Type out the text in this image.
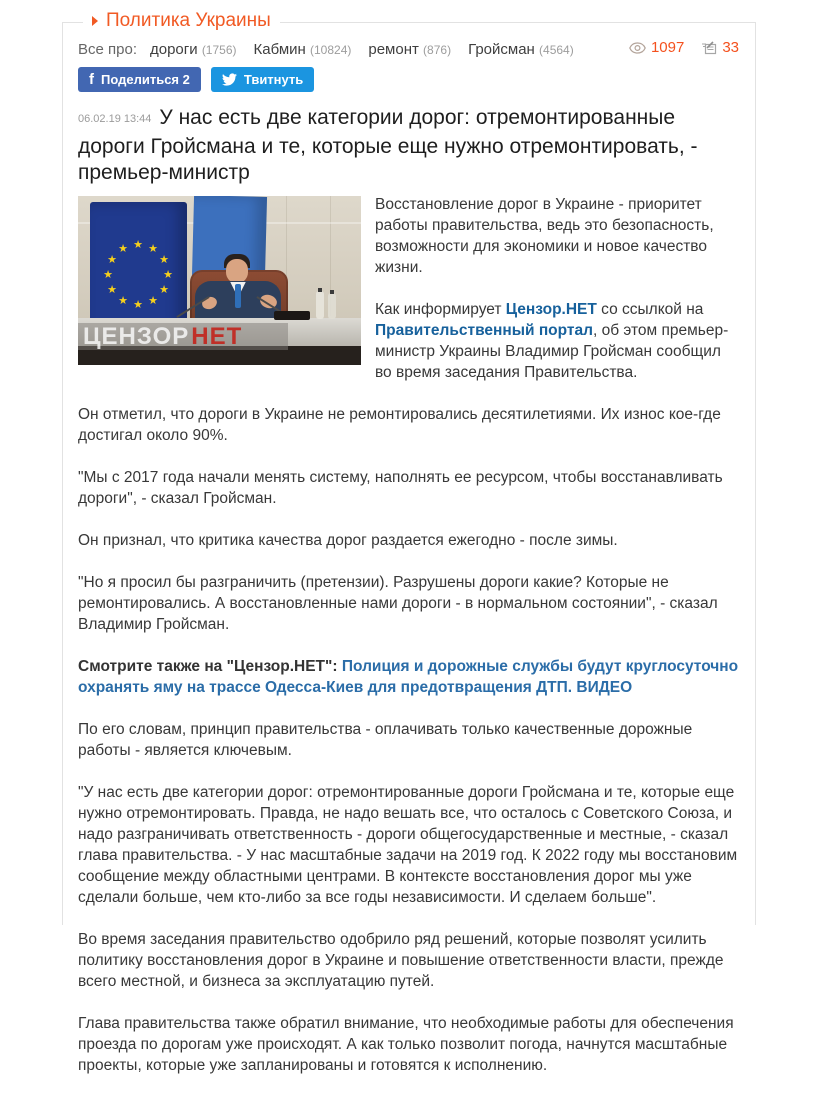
Политика Украины
Все про: дороги (1756) Кабмин (10824) ремонт (876) Гройсман (4564)	1097	33
f Поделиться 2	Твитнуть
06.02.19 13:44 У нас есть две категории дорог: отремонтированные дороги Гройсмана и те, которые еще нужно отремонтировать, - премьер-министр
★ ★
★
★
★
★
★
★
★
★
★
★
ЦЕНЗОР НЕТ

Восстановление дорог в Украине - приоритет работы правительства, ведь это безопасность, возможности для экономики и новое качество жизни.

Как информирует Цензор.НЕТ со ссылкой на Правительственный портал, об этом премьер-министр Украины Владимир Гройсман сообщил во время заседания Правительства.

Он отметил, что дороги в Украине не ремонтировались десятилетиями. Их износ кое-где достигал около 90%.

"Мы с 2017 года начали менять систему, наполнять ее ресурсом, чтобы восстанавливать дороги", - сказал Гройсман.

Он признал, что критика качества дорог раздается ежегодно - после зимы.

"Но я просил бы разграничить (претензии). Разрушены дороги какие? Которые не ремонтировались. А восстановленные нами дороги - в нормальном состоянии", - сказал Владимир Гройсман.

Смотрите также на "Цензор.НЕТ": Полиция и дорожные службы будут круглосуточно охранять яму на трассе Одесса-Киев для предотвращения ДТП. ВИДЕО

По его словам, принцип правительства - оплачивать только качественные дорожные работы - является ключевым.

"У нас есть две категории дорог: отремонтированные дороги Гройсмана и те, которые еще нужно отремонтировать. Правда, не надо вешать все, что осталось с Советского Союза, и надо разграничивать ответственность - дороги общегосударственные и местные, - сказал глава правительства. - У нас масштабные задачи на 2019 год. К 2022 году мы восстановим сообщение между областными центрами. В контексте восстановления дорог мы уже сделали больше, чем кто-либо за все годы независимости. И сделаем больше".

Во время заседания правительство одобрило ряд решений, которые позволят усилить политику восстановления дорог в Украине и повышение ответственности власти, прежде всего местной, и бизнеса за эксплуатацию путей.

Глава правительства также обратил внимание, что необходимые работы для обеспечения проезда по дорогам уже происходят. А как только позволит погода, начнутся масштабные проекты, которые уже запланированы и готовятся к исполнению.
